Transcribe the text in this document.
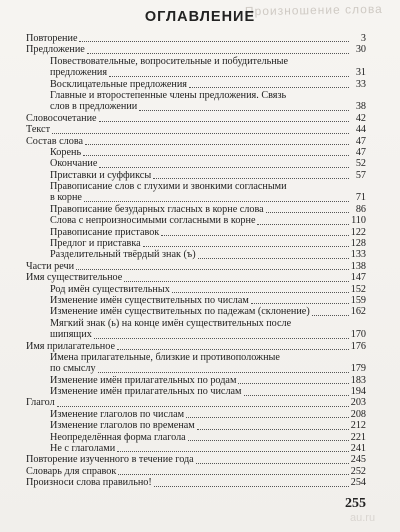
Произношение слова
ОГЛАВЛЕНИЕ
Повторение	3
Предложение	30
Повествовательные, вопросительные и побудительные
предложения	31
Восклицательные предложения	33
Главные и второстепенные члены предложения. Связь
слов в предложении	38
Словосочетание	42
Текст	44
Состав слова	47
Корень	47
Окончание	52
Приставки и суффиксы	57
Правописание слов с глухими и звонкими согласными
в корне	71
Правописание безударных гласных в корне слова	86
Слова с непроизносимыми согласными в корне	110
Правописание приставок	122
Предлог и приставка	128
Разделительный твёрдый знак (ъ)	133
Части речи	138
Имя существительное	147
Род имён существительных	152
Изменение имён существительных по числам	159
Изменение имён существительных по падежам (склонение)	162
Мягкий знак (ь) на конце имён существительных после
шипящих	170
Имя прилагательное	176
Имена прилагательные, близкие и противоположные
по смыслу	179
Изменение имён прилагательных по родам	183
Изменение имён прилагательных по числам	194
Глагол	203
Изменение глаголов по числам	208
Изменение глаголов по временам	212
Неопределённая форма глагола	221
Не с глаголами	241
Повторение изученного в течение года	245
Словарь для справок	252
Произноси слова правильно!	254
255
au.ru
